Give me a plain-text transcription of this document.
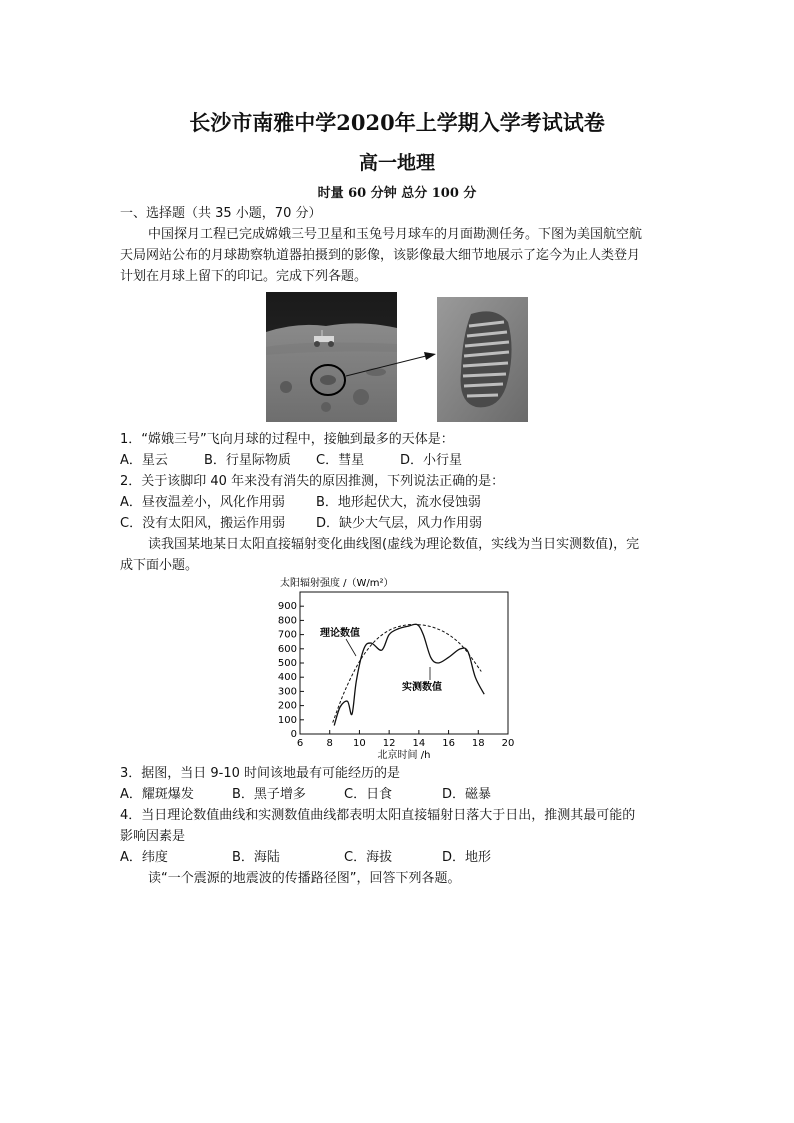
长沙市南雅中学2020年上学期入学考试试卷
高一地理
时量 60 分钟 总分 100 分
一、选择题（共 35 小题，70 分）
中国探月工程已完成嫦娥三号卫星和玉兔号月球车的月面勘测任务。下图为美国航空航
天局网站公布的月球勘察轨道器拍摄到的影像，该影像最大细节地展示了迄今为止人类登月
计划在月球上留下的印记。完成下列各题。
1．“嫦娥三号”飞向月球的过程中，接触到最多的天体是：
A．星云	B．行星际物质 C．彗星	D．小行星
2．关于该脚印 40 年来没有消失的原因推测，下列说法正确的是：
A．昼夜温差小，风化作用弱 B．地形起伏大，流水侵蚀弱
C．没有太阳风，搬运作用弱 D．缺少大气层，风力作用弱
读我国某地某日太阳直接辐射变化曲线图(虚线为理论数值，实线为当日实测数值)，完
成下面小题。
太阳辐射强度 /（W/m²）
0
100
200
300
400
500
600
700
800
900
6 8 10 12 14 16 18 20
理论数值
实测数值
北京时间 /h
3．据图，当日 9-10 时间该地最有可能经历的是
A．耀斑爆发	B．黑子增多	C．日食	D．磁暴
4．当日理论数值曲线和实测数值曲线都表明太阳直接辐射日落大于日出，推测其最可能的
影响因素是
A．纬度	B．海陆	C．海拔	D．地形
读“一个震源的地震波的传播路径图”，回答下列各题。
